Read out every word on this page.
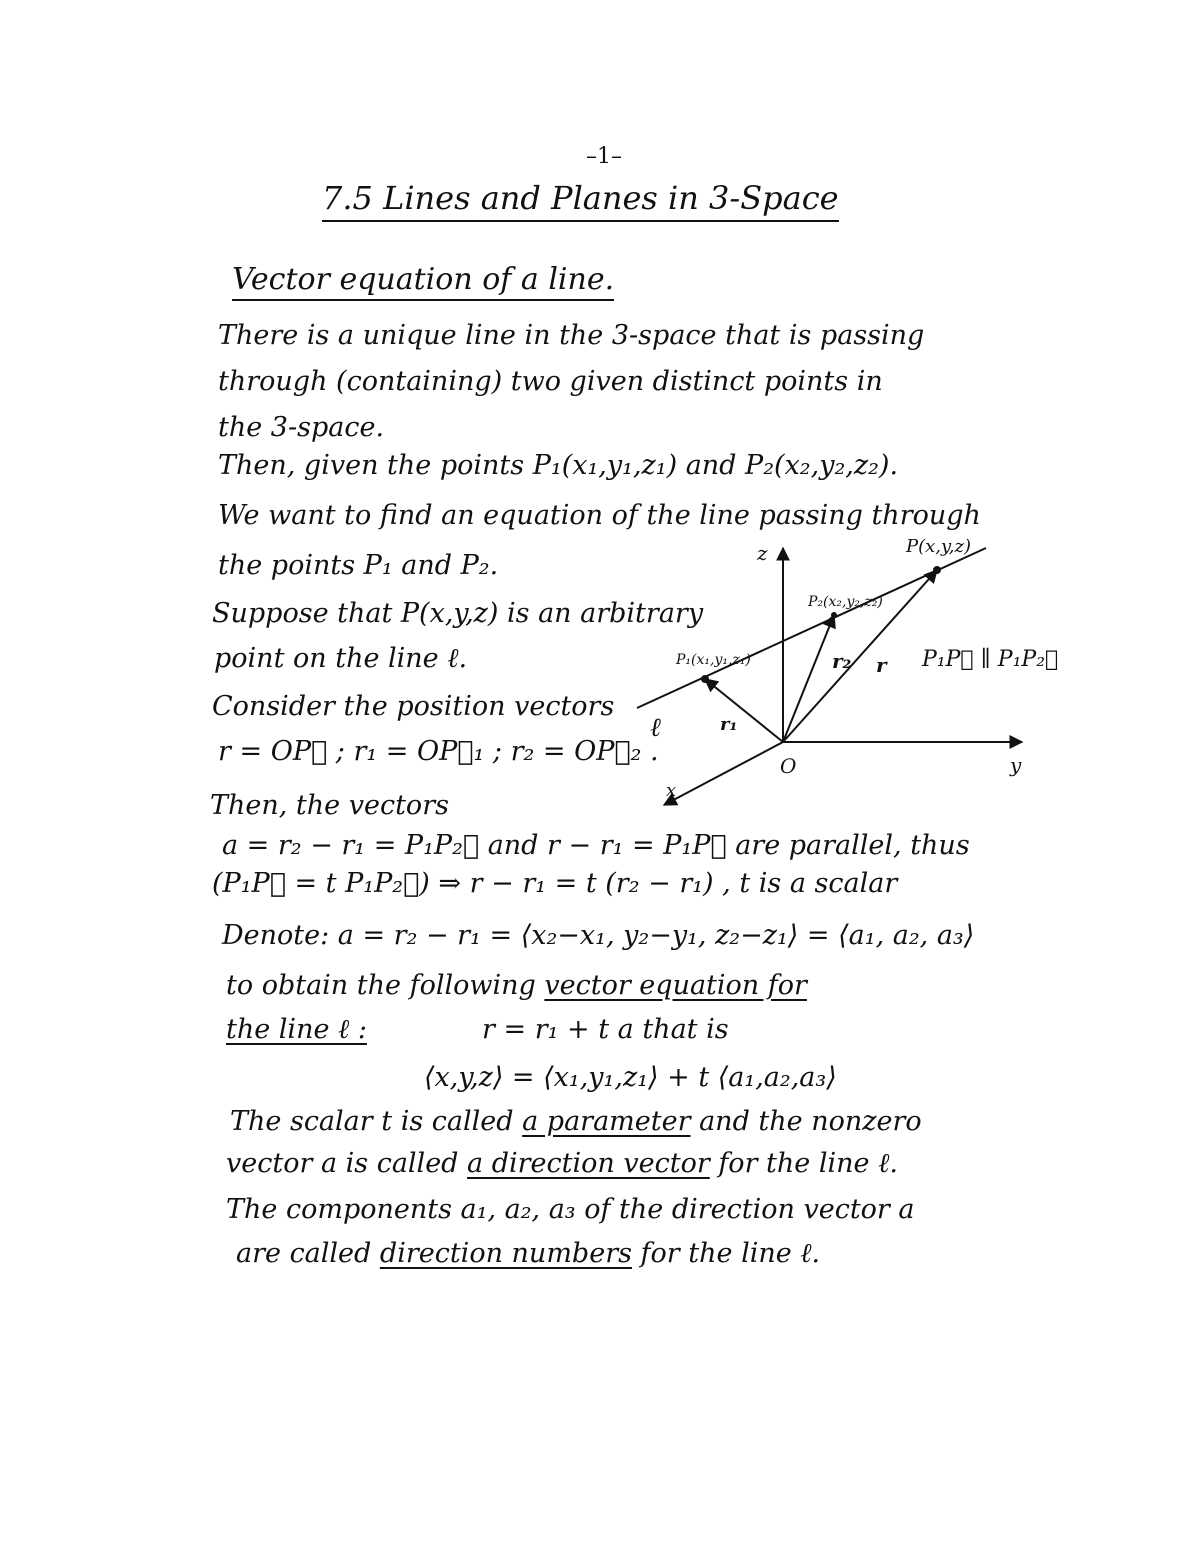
–1–
7.5 Lines and Planes in 3-Space
Vector equation of a line.
There is a unique line in the 3-space that is passing
through (containing) two given distinct points in
the 3-space.
Then, given the points P₁(x₁,y₁,z₁) and P₂(x₂,y₂,z₂).
We want to find an equation of the line passing through
the points P₁ and P₂.
Suppose that P(x,y,z) is an arbitrary
point on the line ℓ.
Consider the position vectors
r = OP⃗ ; r₁ = OP⃗₁ ; r₂ = OP⃗₂ .
Then, the vectors
a = r₂ − r₁ = P₁P₂⃗ and r − r₁ = P₁P⃗ are parallel, thus
(P₁P⃗ = t P₁P₂⃗) ⇒ r − r₁ = t (r₂ − r₁) , t is a scalar
Denote: a = r₂ − r₁ = ⟨x₂−x₁, y₂−y₁, z₂−z₁⟩ = ⟨a₁, a₂, a₃⟩
to obtain the following vector equation for
the line ℓ :	r = r₁ + t a that is
⟨x,y,z⟩ = ⟨x₁,y₁,z₁⟩ + t ⟨a₁,a₂,a₃⟩
The scalar t is called a parameter and the nonzero
vector a is called a direction vector for the line ℓ.
The components a₁, a₂, a₃ of the direction vector a
are called direction numbers for the line ℓ.
z
y
x
O
P(x,y,z)
P₂(x₂,y₂,z₂)
P₁(x₁,y₁,z₁)
ℓ
r
r₂
r₁
P₁P⃗ ∥ P₁P₂⃗
